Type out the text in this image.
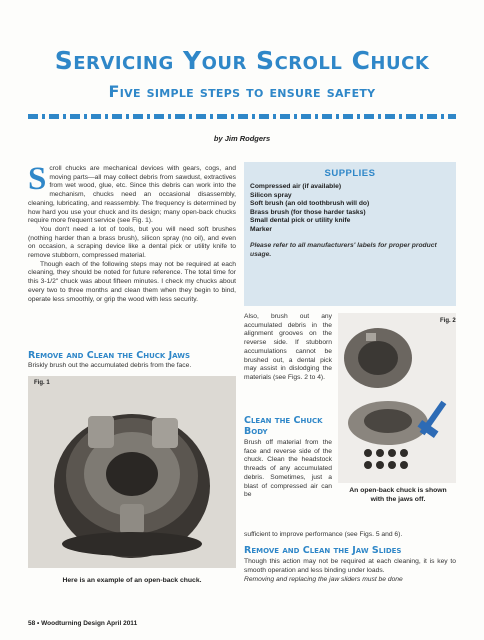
Servicing Your Scroll Chuck
Five simple steps to ensure safety
by Jim Rodgers

Scroll chucks are mechanical devices with gears, cogs, and moving parts—all may collect debris from sawdust, extractives from wet wood, glue, etc. Since this debris can work into the mechanism, chucks need an occasional disassembly, cleaning, lubricating, and reassembly. The frequency is determined by how hard you use your chuck and its design; many open-back chucks require more frequent service (see Fig. 1).

You don't need a lot of tools, but you will need soft brushes (nothing harder than a brass brush), silicon spray (no oil), and even on occasion, a scraping device like a dental pick or utility knife to remove stubborn, compressed material.

Though each of the following steps may not be required at each cleaning, they should be noted for future reference. The total time for this 3-1/2" chuck was about fifteen minutes. I check my chucks about every two to three months and clean them when they begin to bind, operate less smoothly, or grip the wood with less security.

Remove and Clean the Chuck Jaws
Briskly brush out the accumulated debris from the face.
Fig. 1
Here is an example of an open-back chuck.
SUPPLIES
Compressed air (if available)
Silicon spray
Soft brush (an old toothbrush will do)
Brass brush (for those harder tasks)
Small dental pick or utility knife
Marker
Please refer to all manufacturers' labels for proper product usage.
Also, brush out any accumulated debris in the alignment grooves on the reverse side. If stubborn accumulations cannot be brushed out, a dental pick may assist in dislodging the materials (see Figs. 2 to 4).
Clean the Chuck
Body
Brush off material from the face and reverse side of the chuck. Clean the headstock threads of any accumulated debris. Sometimes, just a blast of compressed air can be
Fig. 2
An open-back chuck is shown with the jaws off.
sufficient to improve performance (see Figs. 5 and 6).
Remove and Clean the Jaw Slides
Though this action may not be required at each cleaning, it is key to smooth operation and less binding under loads.
Removing and replacing the jaw sliders must be done
58 • Woodturning Design April 2011
